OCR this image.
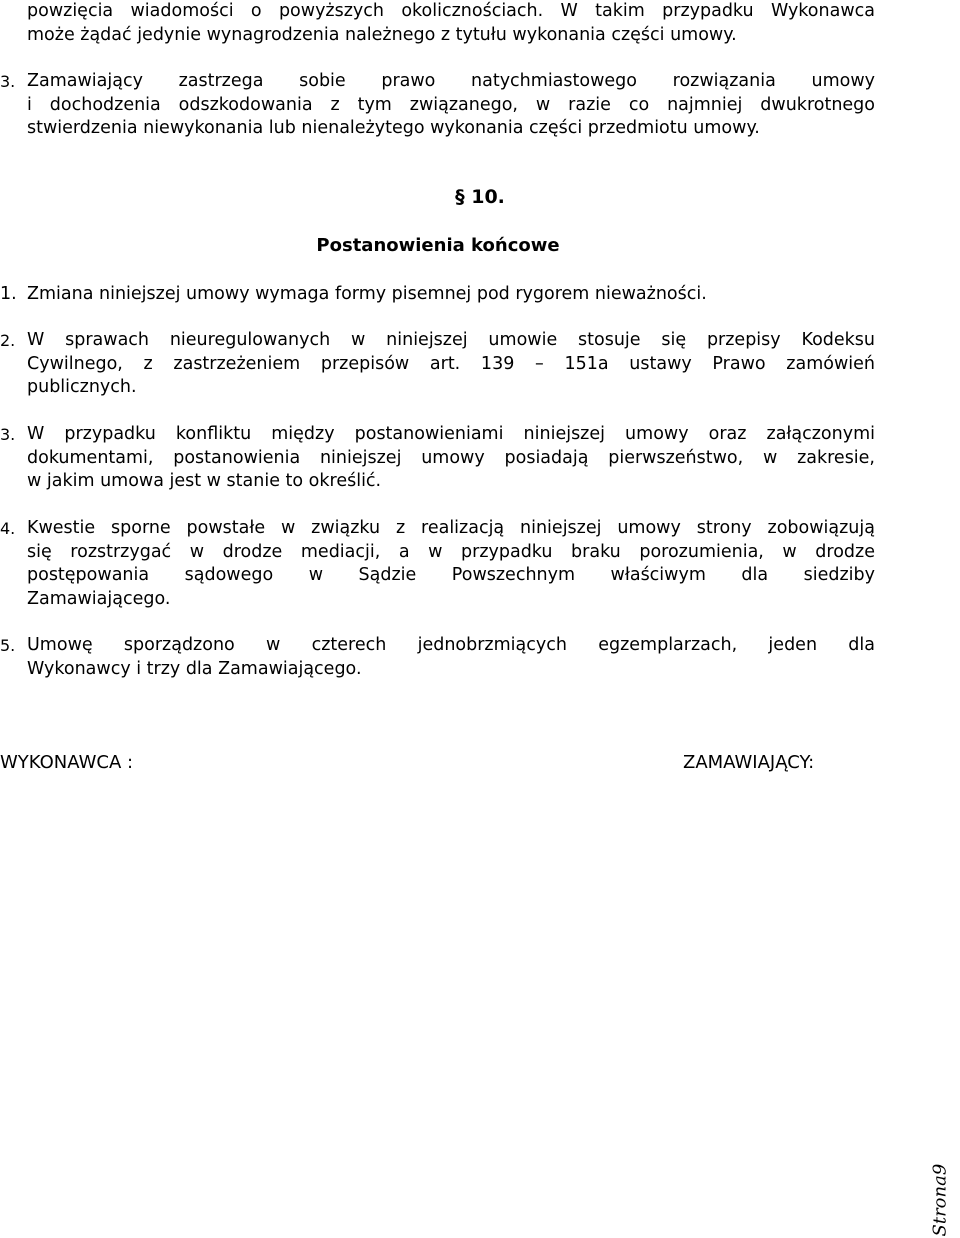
powzięcia wiadomości o powyższych okolicznościach. W takim przypadku Wykonawca
może żądać jedynie wynagrodzenia należnego z tytułu wykonania części umowy.
3. Zamawiający zastrzega sobie prawo natychmiastowego rozwiązania umowy
i dochodzenia odszkodowania z tym związanego, w razie co najmniej dwukrotnego
stwierdzenia niewykonania lub nienależytego wykonania części przedmiotu umowy.
§ 10.
Postanowienia końcowe
1. Zmiana niniejszej umowy wymaga formy pisemnej pod rygorem nieważności.
2. W sprawach nieuregulowanych w niniejszej umowie stosuje się przepisy Kodeksu
Cywilnego, z zastrzeżeniem przepisów art. 139 – 151a ustawy Prawo zamówień
publicznych.
3. W przypadku konfliktu między postanowieniami niniejszej umowy oraz załączonymi
dokumentami, postanowienia niniejszej umowy posiadają pierwszeństwo, w zakresie,
w jakim umowa jest w stanie to określić.
4. Kwestie sporne powstałe w związku z realizacją niniejszej umowy strony zobowiązują
się rozstrzygać w drodze mediacji, a w przypadku braku porozumienia, w drodze
postępowania sądowego w Sądzie Powszechnym właściwym dla siedziby
Zamawiającego.
5. Umowę sporządzono w czterech jednobrzmiących egzemplarzach, jeden dla
Wykonawcy i trzy dla Zamawiającego.
WYKONAWCA :	ZAMAWIAJĄCY:
Strona9
